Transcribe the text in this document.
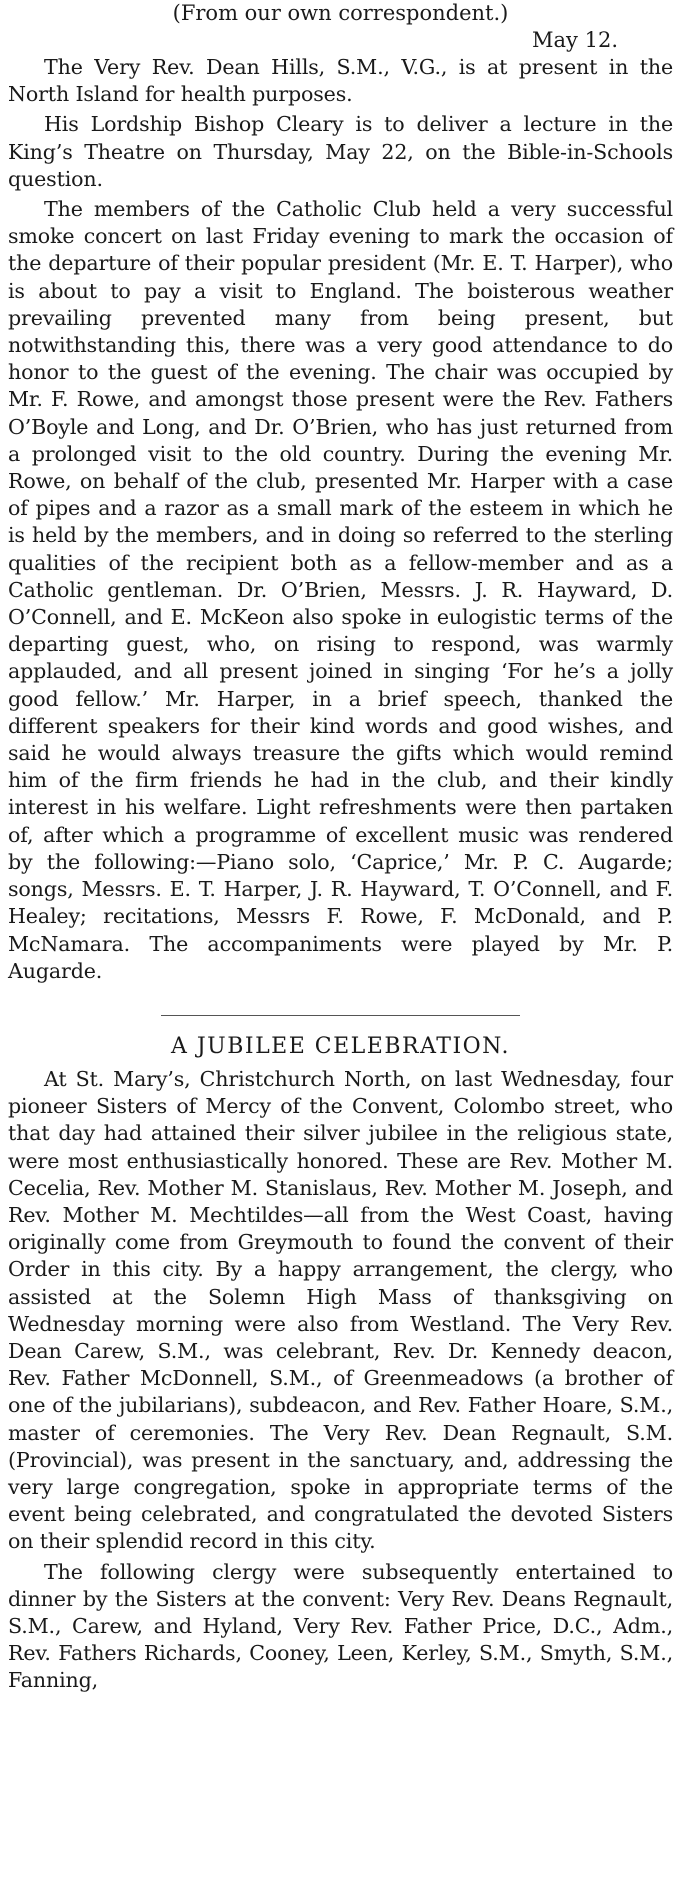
(From our own correspondent.)

May 12.

The Very Rev. Dean Hills, S.M., V.G., is at present in the North Island for health purposes.

His Lordship Bishop Cleary is to deliver a lecture in the King’s Theatre on Thursday, May 22, on the Bible-in-Schools question.

The members of the Catholic Club held a very successful smoke concert on last Friday evening to mark the occasion of the departure of their popular president (Mr. E. T. Harper), who is about to pay a visit to England. The boisterous weather prevailing prevented many from being present, but notwithstanding this, there was a very good attendance to do honor to the guest of the evening. The chair was occupied by Mr. F. Rowe, and amongst those present were the Rev. Fathers O’Boyle and Long, and Dr. O’Brien, who has just returned from a prolonged visit to the old country. During the evening Mr. Rowe, on behalf of the club, presented Mr. Harper with a case of pipes and a razor as a small mark of the esteem in which he is held by the members, and in doing so referred to the sterling qualities of the recipient both as a fellow-member and as a Catholic gentleman. Dr. O’Brien, Messrs. J. R. Hayward, D. O’Connell, and E. McKeon also spoke in eulogistic terms of the departing guest, who, on rising to respond, was warmly applauded, and all present joined in singing ‘For he’s a jolly good fellow.’ Mr. Harper, in a brief speech, thanked the different speakers for their kind words and good wishes, and said he would always treasure the gifts which would remind him of the firm friends he had in the club, and their kindly interest in his welfare. Light refreshments were then partaken of, after which a programme of excellent music was rendered by the following:—Piano solo, ‘Caprice,’ Mr. P. C. Augarde; songs, Messrs. E. T. Harper, J. R. Hayward, T. O’Connell, and F. Healey; recitations, Messrs F. Rowe, F. McDonald, and P. McNamara. The accompaniments were played by Mr. P. Augarde.

A JUBILEE CELEBRATION.

At St. Mary’s, Christchurch North, on last Wednesday, four pioneer Sisters of Mercy of the Convent, Colombo street, who that day had attained their silver jubilee in the religious state, were most enthusiastically honored. These are Rev. Mother M. Cecelia, Rev. Mother M. Stanislaus, Rev. Mother M. Joseph, and Rev. Mother M. Mechtildes—all from the West Coast, having originally come from Greymouth to found the convent of their Order in this city. By a happy arrangement, the clergy, who assisted at the Solemn High Mass of thanksgiving on Wednesday morning were also from Westland. The Very Rev. Dean Carew, S.M., was celebrant, Rev. Dr. Kennedy deacon, Rev. Father McDonnell, S.M., of Greenmeadows (a brother of one of the jubilarians), subdeacon, and Rev. Father Hoare, S.M., master of ceremonies. The Very Rev. Dean Regnault, S.M. (Provincial), was present in the sanctuary, and, addressing the very large congregation, spoke in appropriate terms of the event being celebrated, and congratulated the devoted Sisters on their splendid record in this city.

The following clergy were subsequently entertained to dinner by the Sisters at the convent: Very Rev. Deans Regnault, S.M., Carew, and Hyland, Very Rev. Father Price, D.C., Adm., Rev. Fathers Richards, Cooney, Leen, Kerley, S.M., Smyth, S.M., Fanning,
